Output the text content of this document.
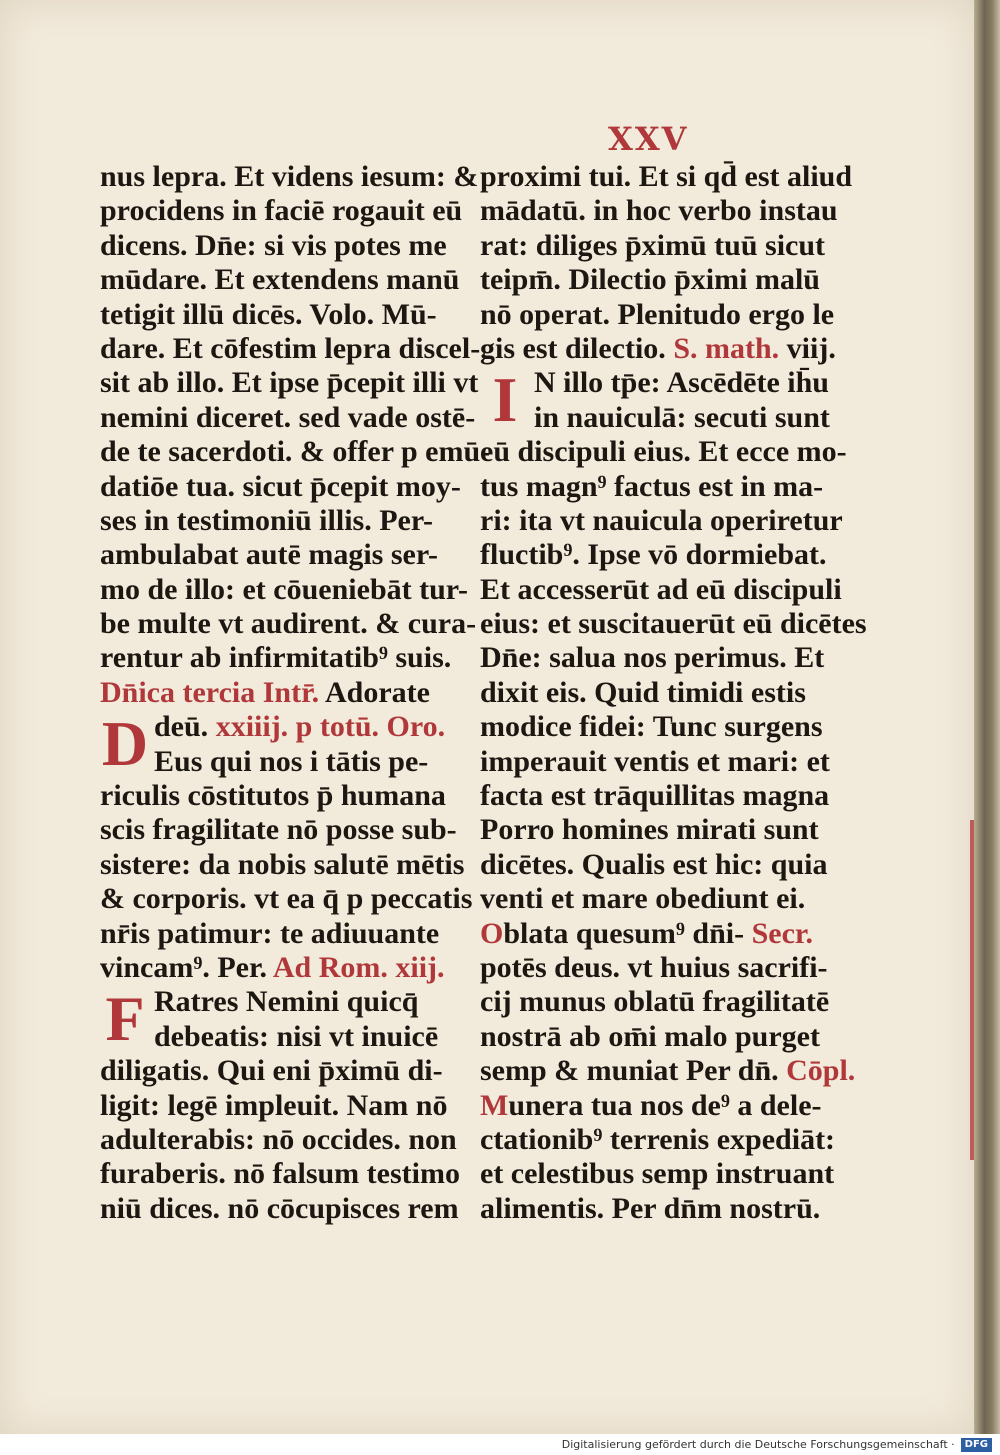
XXV
nus lepra. Et videns iesum: &
procidens in faciē rogauit eū
dicens. Dn̄e: si vis potes me
mūdare. Et extendens manū
tetigit illū dicēs. Volo. Mū-
dare. Et cōfestim lepra discel-
sit ab illo. Et ipse p̄cepit illi vt
nemini diceret. sed vade ostē-
de te sacerdoti. & offer p emū-
datiōe tua. sicut p̄cepit moy-
ses in testimoniū illis. Per-
ambulabat autē magis ser-
mo de illo: et cōueniebāt tur-
be multe vt audirent. & cura-
rentur ab infirmitatib⁹ suis.
Dn̄ica tercia Intr̄. Adorate
Ddeū. xxiiij. p totū. Oro.
Eus qui nos i tātis pe-
riculis cōstitutos p̄ humana
scis fragilitate nō posse sub-
sistere: da nobis salutē mētis
& corporis. vt ea q̄ p peccatis
nr̄is patimur: te adiuuante
vincam⁹. Per. Ad Rom. xiij.
F Ratres Nemini quicq̄
debeatis: nisi vt inuicē
diligatis. Qui eni p̄ximū di-
ligit: legē impleuit. Nam nō
adulterabis: nō occides. non
furaberis. nō falsum testimo
niū dices. nō cōcupisces rem
proximi tui. Et si qd̄ est aliud
mādatū. in hoc verbo instau
rat: diliges p̄ximū tuū sicut
teipm̄. Dilectio p̄ximi malū
nō operat. Plenitudo ergo le
gis est dilectio. S. math. viij.
I N illo tp̄e: Ascēdēte ih̄u
in nauiculā: secuti sunt
eū discipuli eius. Et ecce mo-
tus magn⁹ factus est in ma-
ri: ita vt nauicula operiretur
fluctib⁹. Ipse vō dormiebat.
Et accesserūt ad eū discipuli
eius: et suscitauerūt eū dicētes
Dn̄e: salua nos perimus. Et
dixit eis. Quid timidi estis
modice fidei: Tunc surgens
imperauit ventis et mari: et
facta est trāquillitas magna
Porro homines mirati sunt
dicētes. Qualis est hic: quia
venti et mare obediunt ei.
Oblata quesum⁹ dn̄i- Secr.
potēs deus. vt huius sacrifi-
cij munus oblatū fragilitatē
nostrā ab om̄i malo purget
semp & muniat Per dn̄. Cōpl.
Munera tua nos de⁹ a dele-
ctationib⁹ terrenis expediāt:
et celestibus semp instruant
alimentis. Per dn̄m nostrū.
Digitalisierung gefördert durch die Deutsche Forschungsgemeinschaft · DFG
